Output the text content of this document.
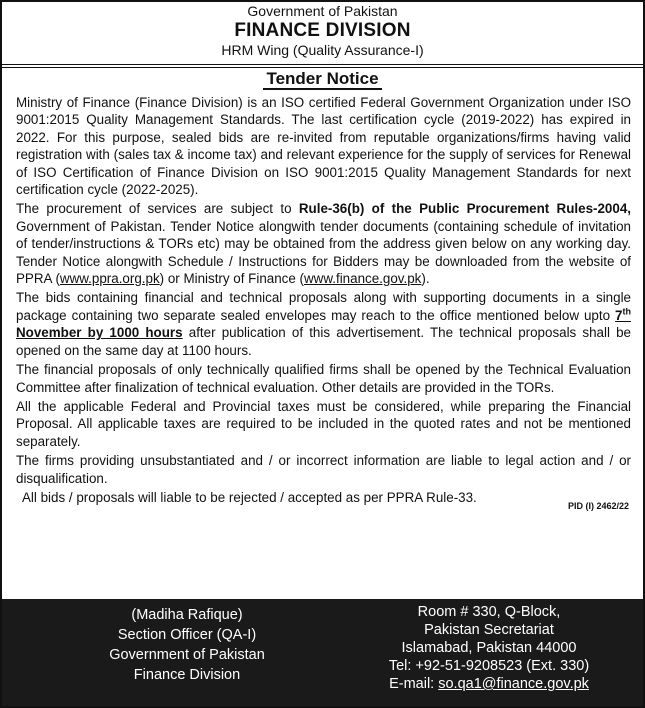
Government of Pakistan
FINANCE DIVISION
HRM Wing (Quality Assurance-I)
Tender Notice

Ministry of Finance (Finance Division) is an ISO certified Federal Government Organization under ISO 9001:2015 Quality Management Standards. The last certification cycle (2019-2022) has expired in 2022. For this purpose, sealed bids are re-invited from reputable organizations/firms having valid registration with (sales tax & income tax) and relevant experience for the supply of services for Renewal of ISO Certification of Finance Division on ISO 9001:2015 Quality Management Standards for next certification cycle (2022-2025).

The procurement of services are subject to Rule-36(b) of the Public Procurement Rules-2004, Government of Pakistan. Tender Notice alongwith tender documents (containing schedule of invitation of tender/instructions & TORs etc) may be obtained from the address given below on any working day. Tender Notice alongwith Schedule / Instructions for Bidders may be downloaded from the website of PPRA (www.ppra.org.pk) or Ministry of Finance (www.finance.gov.pk).

The bids containing financial and technical proposals along with supporting documents in a single package containing two separate sealed envelopes may reach to the office mentioned below upto 7th November by 1000 hours after publication of this advertisement. The technical proposals shall be opened on the same day at 1100 hours.

The financial proposals of only technically qualified firms shall be opened by the Technical Evaluation Committee after finalization of technical evaluation. Other details are provided in the TORs.

All the applicable Federal and Provincial taxes must be considered, while preparing the Financial Proposal. All applicable taxes are required to be included in the quoted rates and not be mentioned separately.

The firms providing unsubstantiated and / or incorrect information are liable to legal action and / or disqualification.

All bids / proposals will liable to be rejected / accepted as per PPRA Rule-33.
PID (I) 2462/22
(Madiha Rafique)
Section Officer (QA-I)
Government of Pakistan
Finance Division
Room # 330, Q-Block,
Pakistan Secretariat
Islamabad, Pakistan 44000
Tel: +92-51-9208523 (Ext. 330)
E-mail: so.qa1@finance.gov.pk
